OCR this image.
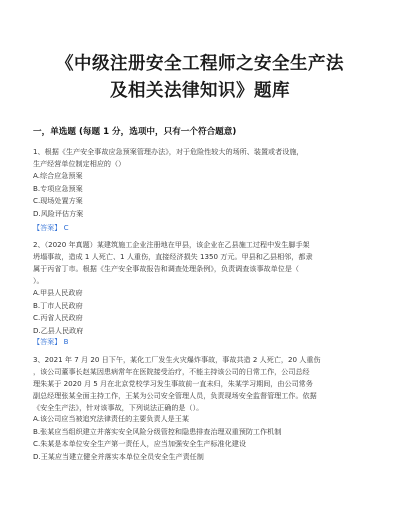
《中级注册安全工程师之安全生产法
及相关法律知识》题库
一，单选题 (每题 1 分，选项中，只有一个符合题意)

1、根据《生产安全事故应急预案管理办法》，对于危险性较大的场所、装置或者设施，

生产经营单位制定相应的（）

A.综合应急预案
B.专项应急预案
C.现场处置方案
D.风险评估方案
【答案】 C

2、（2020 年真题）某建筑施工企业注册地在甲县，该企业在乙县施工过程中发生脚手架

坍塌事故，造成 1 人死亡、1 人重伤，直接经济损失 1350 万元。甲县和乙县相邻，都隶

属于丙省丁市。根据《生产安全事故报告和调查处理条例》，负责调查该事故单位是（

）。

A.甲县人民政府
B.丁市人民政府
C.丙省人民政府
D.乙县人民政府
【答案】 B

3、2021 年 7 月 20 日下午，某化工厂发生火灾爆炸事故，事故共造 2 人死亡，20 人重伤

，该公司董事长赵某因患病常年在医院接受治疗，不能主持该公司的日常工作，公司总经

理朱某于 2020 月 5 月在北京党校学习发生事故前一直未归，朱某学习期间，由公司常务

副总经理张某全面主持工作，王某为公司安全管理人员，负责现场安全监督管理工作。依据

《安全生产法》，针对该事故，下列说法正确的是（）。

A.该公司应当被追究法律责任的主要负责人是王某
B.张某应当组织建立并落实安全风险分级管控和隐患排查治理双重预防工作机制
C.朱某是本单位安全生产第一责任人，应当加强安全生产标准化建设
D.王某应当建立健全并落实本单位全员安全生产责任制
